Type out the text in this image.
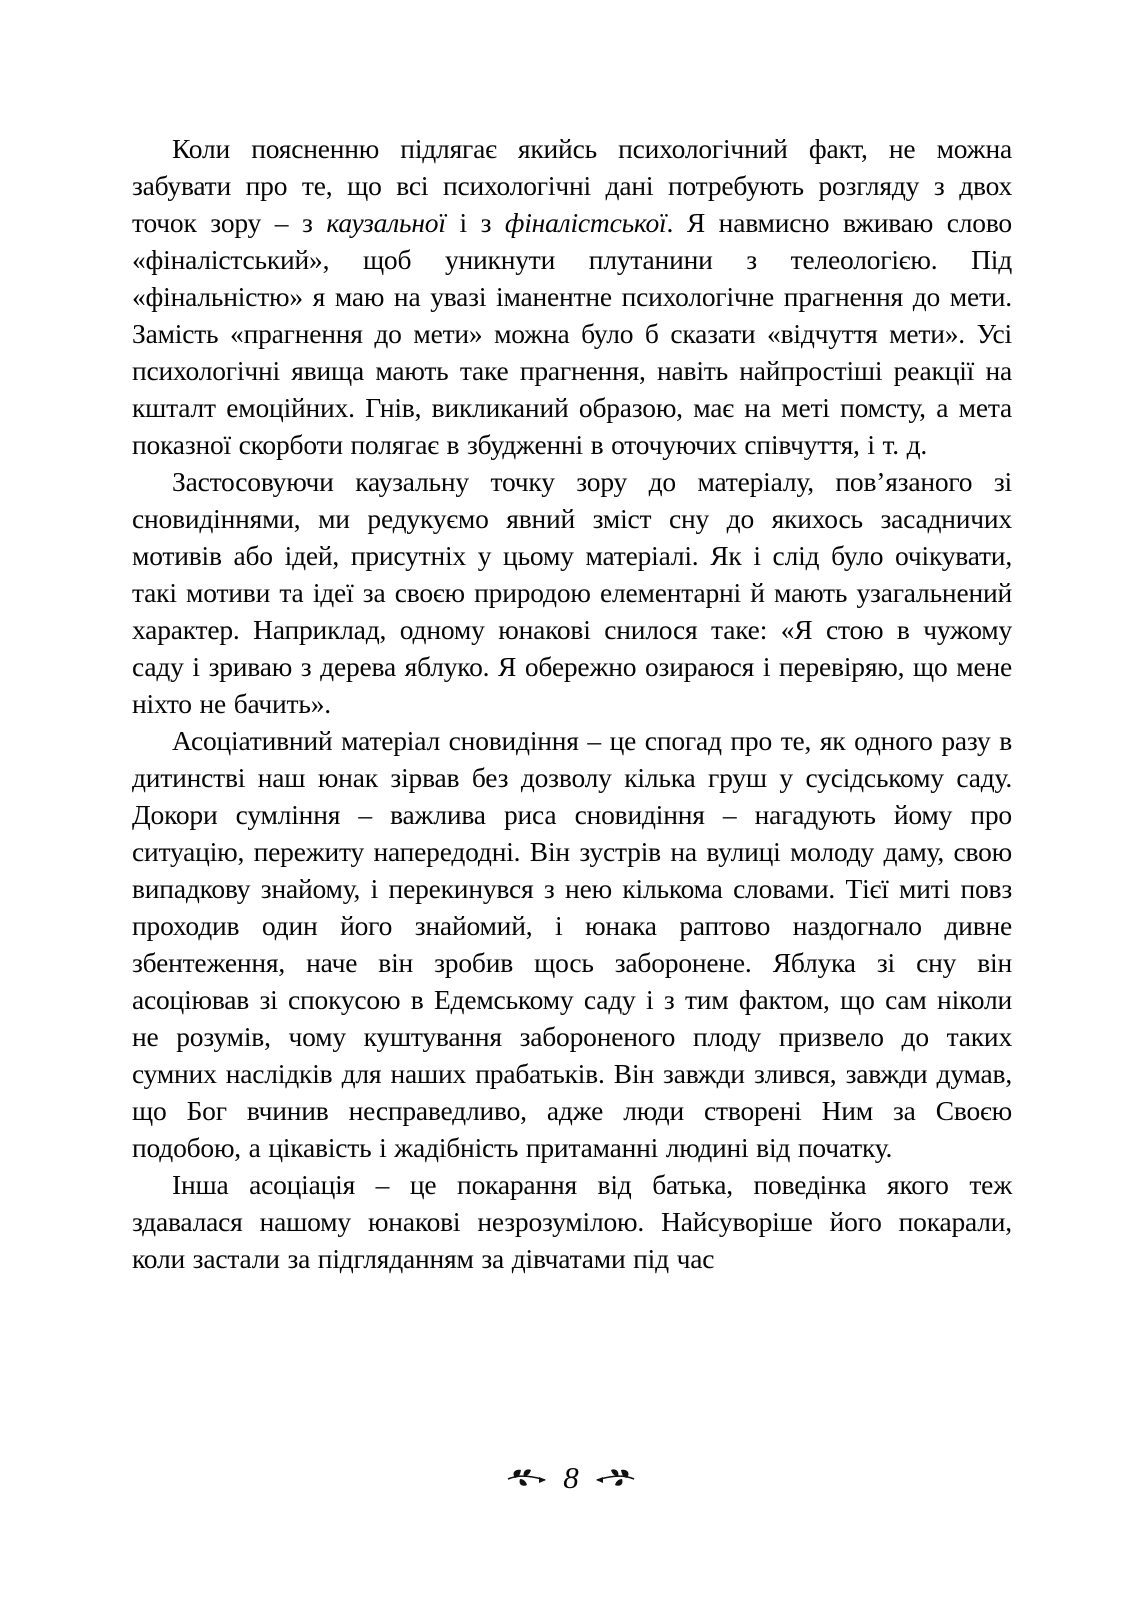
Коли поясненню підлягає якийсь психологічний факт, не можна забувати про те, що всі психологічні дані потребують розгляду з двох точок зору – з каузальної і з фіналістської. Я навмисно вживаю слово «фіналістський», щоб уникнути плутанини з телеологією. Під «фінальністю» я маю на увазі іманентне психологічне прагнення до мети. Замість «прагнення до мети» можна було б сказати «відчуття мети». Усі психологічні явища мають таке прагнення, навіть найпростіші реакції на кшталт емоційних. Гнів, викликаний образою, має на меті помсту, а мета показної скорботи полягає в збудженні в оточуючих співчуття, і т. д.

Застосовуючи каузальну точку зору до матеріалу, пов’язаного зі сновидіннями, ми редукуємо явний зміст сну до якихось засадничих мотивів або ідей, присутніх у цьому матеріалі. Як і слід було очікувати, такі мотиви та ідеї за своєю природою елементарні й мають узагальнений характер. Наприклад, одному юнакові снилося таке: «Я стою в чужому саду і зриваю з дерева яблуко. Я обережно озираюся і перевіряю, що мене ніхто не бачить».

Асоціативний матеріал сновидіння – це спогад про те, як одного разу в дитинстві наш юнак зірвав без дозволу кілька груш у сусідському саду. Докори сумління – важлива риса сновидіння – нагадують йому про ситуацію, пережиту напередодні. Він зустрів на вулиці молоду даму, свою випадкову знайому, і перекинувся з нею кількома словами. Тієї миті повз проходив один його знайомий, і юнака раптово наздогнало дивне збентеження, наче він зробив щось заборонене. Яблука зі сну він асоціював зі спокусою в Едемському саду і з тим фактом, що сам ніколи не розумів, чому куштування забороненого плоду призвело до таких сумних наслідків для наших прабатьків. Він завжди злився, завжди думав, що Бог вчинив несправедливо, адже люди створені Ним за Своєю подобою, а цікавість і жадібність притаманні людині від початку.

Інша асоціація – це покарання від батька, поведінка якого теж здавалася нашому юнакові незрозумілою. Найсуворіше його покарали, коли застали за підгляданням за дівчатами під час

8
